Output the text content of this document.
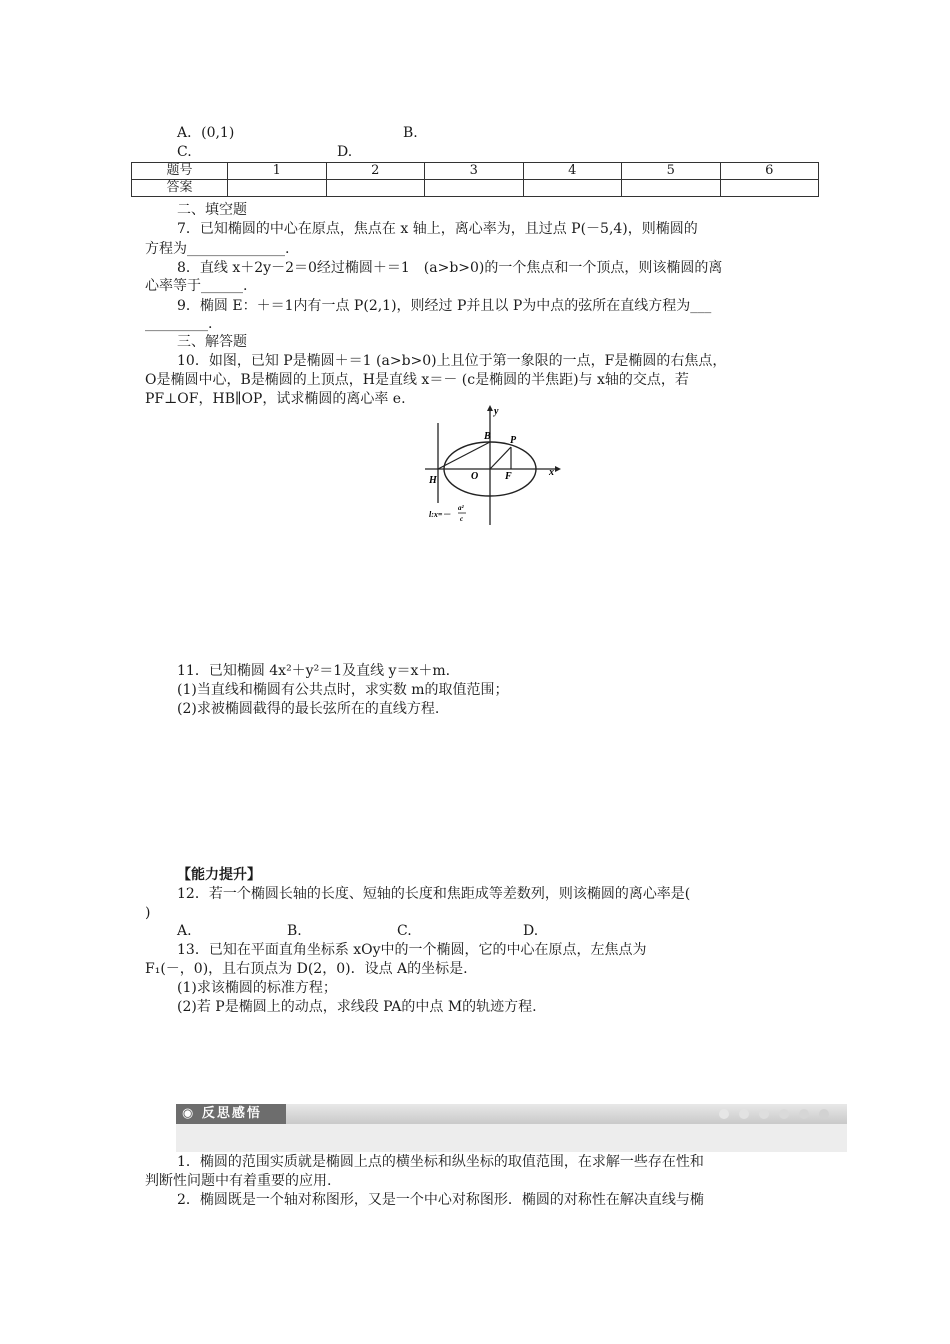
A．(0,1)	B.
C.	D.
题号	1	2	3	4	5	6
答案						
二、填空题
7．已知椭圆的中心在原点，焦点在 x 轴上，离心率为，且过点 P(－5,4)，则椭圆的
方程为______________.
8．直线 x＋2y－2＝0经过椭圆＋＝1　(a>b>0)的一个焦点和一个顶点，则该椭圆的离
心率等于______.
9．椭圆 E：＋＝1内有一点 P(2,1)，则经过 P并且以 P为中点的弦所在直线方程为___
_________.
三、解答题
10．如图，已知 P是椭圆＋＝1 (a>b>0)上且位于第一象限的一点，F是椭圆的右焦点，
O是椭圆中心，B是椭圆的上顶点，H是直线 x＝－ (c是椭圆的半焦距)与 x轴的交点，若
PF⊥OF，HB∥OP，试求椭圆的离心率 e.
y
x
B P
O	F
H
l:x=－
a²
c
11．已知椭圆 4x²＋y²＝1及直线 y＝x＋m.
(1)当直线和椭圆有公共点时，求实数 m的取值范围；
(2)求被椭圆截得的最长弦所在的直线方程.
【能力提升】
12．若一个椭圆长轴的长度、短轴的长度和焦距成等差数列，则该椭圆的离心率是(
)
A.	B.	C.	D.
13．已知在平面直角坐标系 xOy中的一个椭圆，它的中心在原点，左焦点为
F₁(－，0)，且右顶点为 D(2，0)．设点 A的坐标是.
(1)求该椭圆的标准方程；
(2)若 P是椭圆上的动点，求线段 PA的中点 M的轨迹方程.
◉ 反思感悟
1．椭圆的范围实质就是椭圆上点的横坐标和纵坐标的取值范围，在求解一些存在性和
判断性问题中有着重要的应用.
2．椭圆既是一个轴对称图形，又是一个中心对称图形．椭圆的对称性在解决直线与椭
